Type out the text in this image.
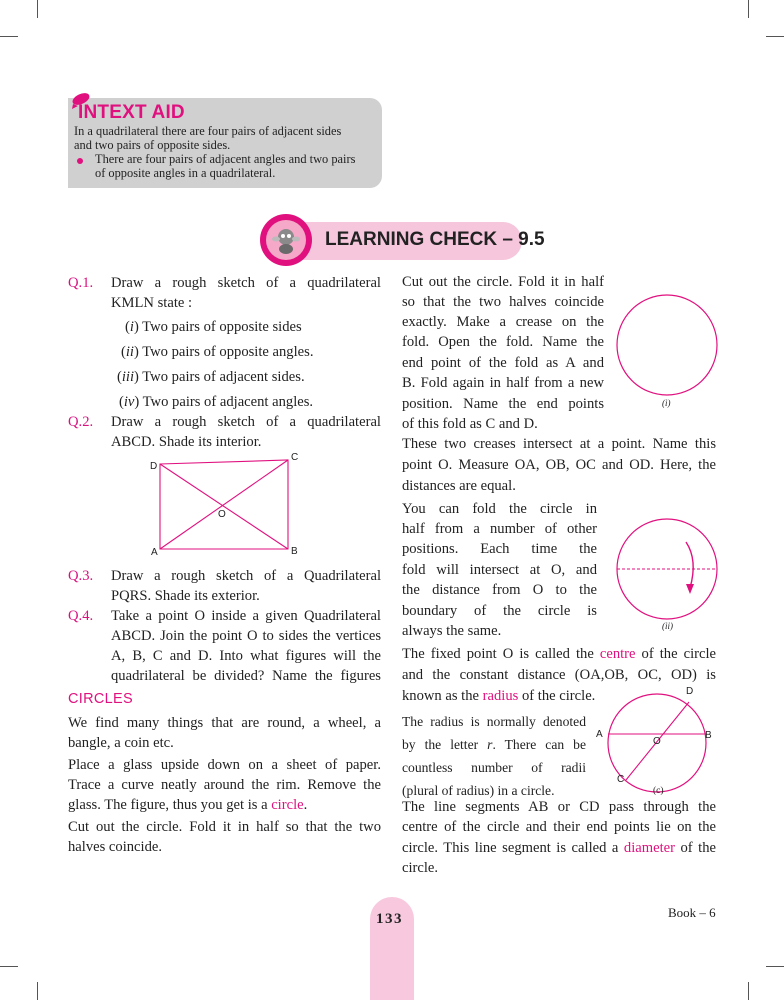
INTEXT AID
In a quadrilateral there are four pairs of adjacent sides
and two pairs of opposite sides.
There are four pairs of adjacent angles and two pairs
of opposite angles in a quadrilateral.
LEARNING CHECK – 9.5
Q.1. Draw a rough sketch of a quadrilateral
KMLN state :
(i) Two pairs of opposite sides
(ii) Two pairs of opposite angles.
(iii) Two pairs of adjacent sides.
(iv) Two pairs of adjacent angles.
Q.2. Draw a rough sketch of a quadrilateral
ABCD. Shade its interior.
D
C
O
A	B
Q.3. Draw a rough sketch of a Quadrilateral
PQRS. Shade its exterior.
Q.4. Take a point O inside a given Quadrilateral
ABCD. Join the point O to sides the vertices
A, B, C and D. Into what figures will the
quadrilateral be divided? Name the figures
CIRCLES
We find many things that are round, a wheel, a
bangle, a coin etc.
Place a glass upside down on a sheet of paper.
Trace a curve neatly around the rim. Remove the
glass. The figure, thus you get is a circle.
Cut out the circle. Fold it in half so that the two
halves coincide.
Cut out the circle. Fold it in half
so that the two halves coincide
exactly. Make a crease on the
fold. Open the fold. Name the
end point of the fold as A and
B. Fold again in half from a new
position. Name the end points
of this fold as C and D.
(i)
These two creases intersect at a point. Name this
point O. Measure OA, OB, OC and OD. Here, the
distances are equal.
You can fold the circle in
half from a number of other
positions. Each time the
fold will intersect at O, and
the distance from O to the
boundary of the circle is
always the same.	(ii)
The fixed point O is called the centre of the circle
and the constant distance (OA,OB, OC, OD) is
known as the radius of the circle.
The radius is normally denoted
by the letter r. There can be
countless number of radii
(plural of radius) in a circle.
D
A
O
B
C
(c)
The line segments AB or CD pass through the
centre of the circle and their end points lie on the
circle. This line segment is called a diameter of the
circle.
133	Book – 6
